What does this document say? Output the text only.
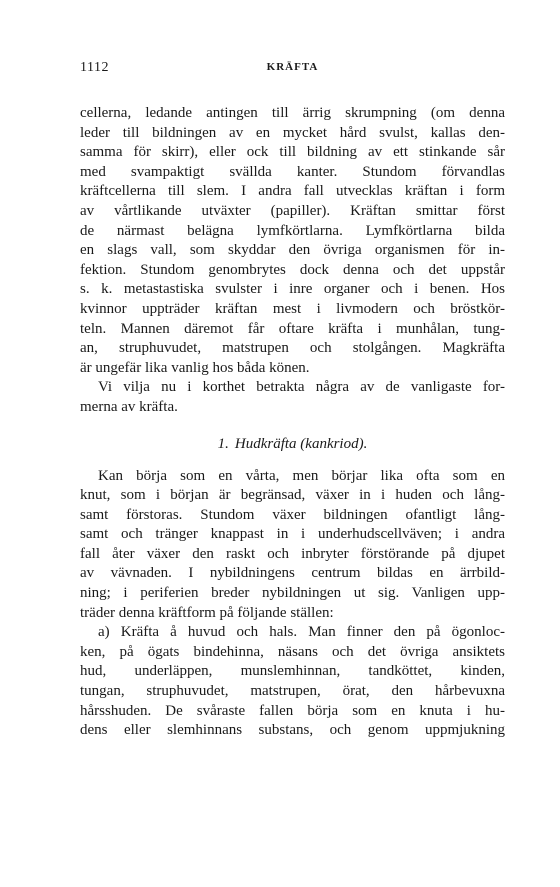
1112	KRÄFTA
cellerna, ledande antingen till ärrig skrumpning (om denna
leder till bildningen av en mycket hård svulst, kallas den-
samma för skirr), eller ock till bildning av ett stinkande sår
med svampaktigt svällda kanter. Stundom förvandlas
kräftcellerna till slem. I andra fall utvecklas kräftan i form
av vårtlikande utväxter (papiller). Kräftan smittar först
de närmast belägna lymfkörtlarna. Lymfkörtlarna bilda
en slags vall, som skyddar den övriga organismen för in-
fektion. Stundom genombrytes dock denna och det uppstår
s. k. metastastiska svulster i inre organer och i benen. Hos
kvinnor uppträder kräftan mest i livmodern och bröstkör-
teln. Mannen däremot får oftare kräfta i munhålan, tung-
an, struphuvudet, matstrupen och stolgången. Magkräfta
är ungefär lika vanlig hos båda könen.
Vi vilja nu i korthet betrakta några av de vanligaste for-
merna av kräfta.
1. Hudkräfta (kankriod).
Kan börja som en vårta, men börjar lika ofta som en
knut, som i början är begränsad, växer in i huden och lång-
samt förstoras. Stundom växer bildningen ofantligt lång-
samt och tränger knappast in i underhudscellväven; i andra
fall åter växer den raskt och inbryter förstörande på djupet
av vävnaden. I nybildningens centrum bildas en ärrbild-
ning; i periferien breder nybildningen ut sig. Vanligen upp-
träder denna kräftform på följande ställen:
a) Kräfta å huvud och hals. Man finner den på ögonloc-
ken, på ögats bindehinna, näsans och det övriga ansiktets
hud, underläppen, munslemhinnan, tandköttet, kinden,
tungan, struphuvudet, matstrupen, örat, den hårbevuxna
hårsshuden. De svåraste fallen börja som en knuta i hu-
dens eller slemhinnans substans, och genom uppmjukning
